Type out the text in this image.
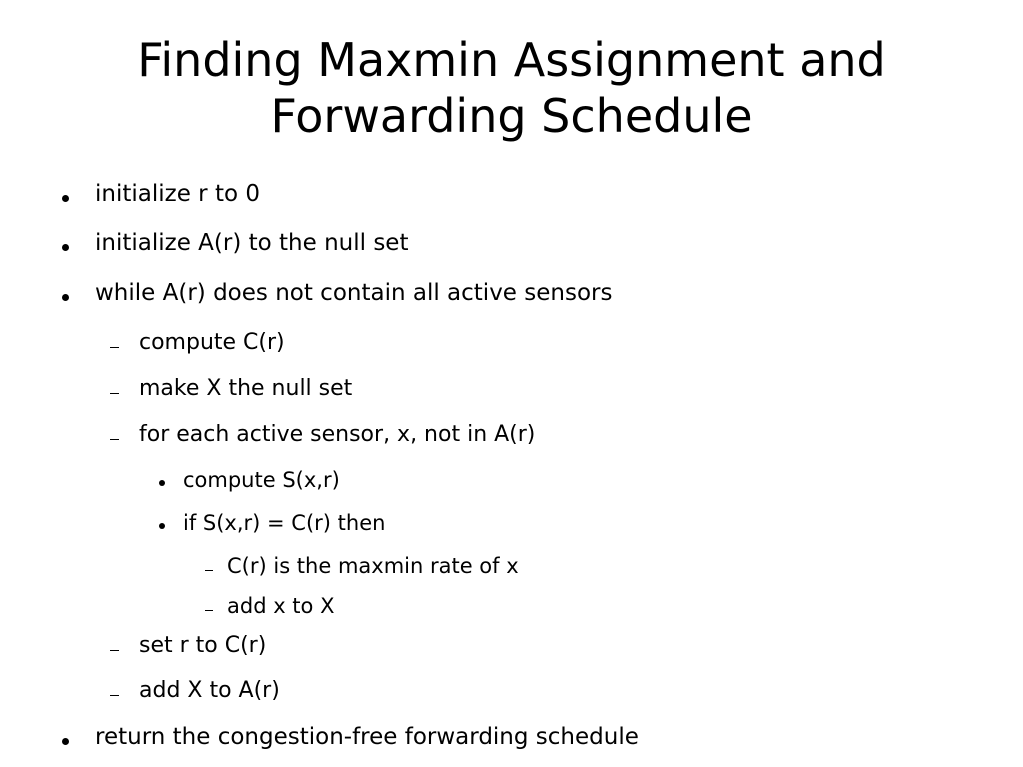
Finding Maxmin Assignment and
Forwarding Schedule
initialize r to 0
initialize A(r) to the null set
while A(r) does not contain all active sensors
compute C(r)
make X the null set
for each active sensor, x, not in A(r)
compute S(x,r)
if S(x,r) = C(r) then
C(r) is the maxmin rate of x
add x to X
set r to C(r)
add X to A(r)
return the congestion-free forwarding schedule
